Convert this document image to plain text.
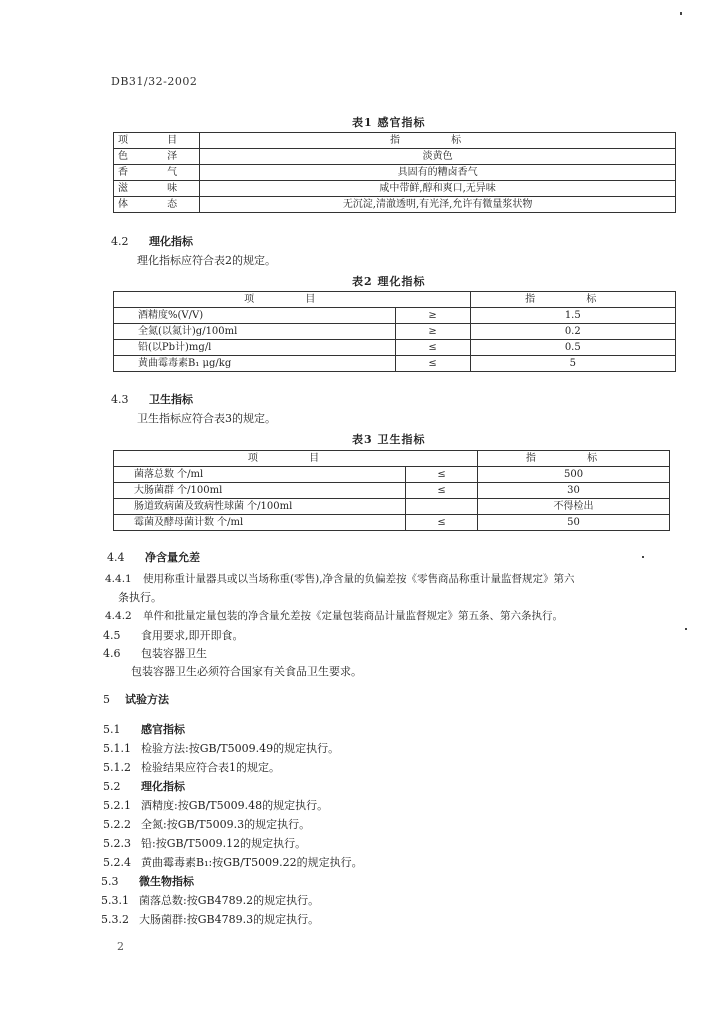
DB31/32-2002
表1 感官指标
项 目	指 标
色 泽	淡黄色
香 气	具固有的糟卤香气
滋 味	咸中带鲜,醇和爽口,无异味
体 态	无沉淀,清澈透明,有光泽,允许有微量浆状物
4.2 理化指标
理化指标应符合表2的规定。
表2 理化指标
项 目		指 标
酒精度%(V/V)	≥	1.5
全氮(以氮计)g/100ml	≥	0.2
铅(以Pb计)mg/l	≤	0.5
黄曲霉毒素B₁ μg/kg	≤	5
4.3 卫生指标
卫生指标应符合表3的规定。
表3 卫生指标
项 目		指 标
菌落总数 个/ml	≤	500
大肠菌群 个/100ml	≤	30
肠道致病菌及致病性球菌 个/100ml		不得检出
霉菌及酵母菌计数 个/ml	≤	50
4.4 净含量允差
4.4.1 使用称重计量器具或以当场称重(零售),净含量的负偏差按《零售商品称重计量监督规定》第六
条执行。
4.4.2 单件和批量定量包装的净含量允差按《定量包装商品计量监督规定》第五条、第六条执行。
4.5 食用要求,即开即食。
4.6 包装容器卫生
包装容器卫生必须符合国家有关食品卫生要求。
5 试验方法
5.1 感官指标
5.1.1 检验方法:按GB/T5009.49的规定执行。
5.1.2 检验结果应符合表1的规定。
5.2 理化指标
5.2.1 酒精度:按GB/T5009.48的规定执行。
5.2.2 全氮:按GB/T5009.3的规定执行。
5.2.3 铅:按GB/T5009.12的规定执行。
5.2.4 黄曲霉毒素B₁:按GB/T5009.22的规定执行。
5.3 微生物指标
5.3.1 菌落总数:按GB4789.2的规定执行。
5.3.2 大肠菌群:按GB4789.3的规定执行。
2
